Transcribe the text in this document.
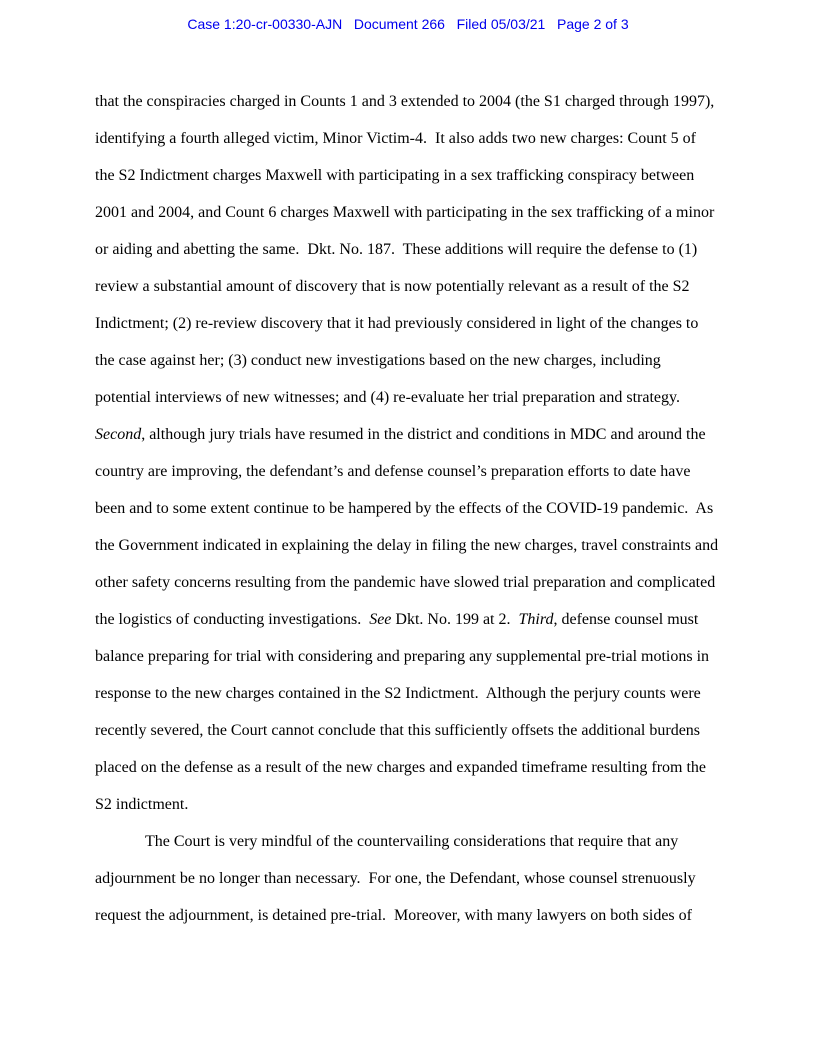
Case 1:20-cr-00330-AJN   Document 266   Filed 05/03/21   Page 2 of 3
that the conspiracies charged in Counts 1 and 3 extended to 2004 (the S1 charged through 1997),
identifying a fourth alleged victim, Minor Victim-4.  It also adds two new charges: Count 5 of
the S2 Indictment charges Maxwell with participating in a sex trafficking conspiracy between
2001 and 2004, and Count 6 charges Maxwell with participating in the sex trafficking of a minor
or aiding and abetting the same.  Dkt. No. 187.  These additions will require the defense to (1)
review a substantial amount of discovery that is now potentially relevant as a result of the S2
Indictment; (2) re-review discovery that it had previously considered in light of the changes to
the case against her; (3) conduct new investigations based on the new charges, including
potential interviews of new witnesses; and (4) re-evaluate her trial preparation and strategy.
Second, although jury trials have resumed in the district and conditions in MDC and around the
country are improving, the defendant’s and defense counsel’s preparation efforts to date have
been and to some extent continue to be hampered by the effects of the COVID-19 pandemic.  As
the Government indicated in explaining the delay in filing the new charges, travel constraints and
other safety concerns resulting from the pandemic have slowed trial preparation and complicated
the logistics of conducting investigations.  See Dkt. No. 199 at 2.  Third, defense counsel must
balance preparing for trial with considering and preparing any supplemental pre-trial motions in
response to the new charges contained in the S2 Indictment.  Although the perjury counts were
recently severed, the Court cannot conclude that this sufficiently offsets the additional burdens
placed on the defense as a result of the new charges and expanded timeframe resulting from the
S2 indictment.
The Court is very mindful of the countervailing considerations that require that any
adjournment be no longer than necessary.  For one, the Defendant, whose counsel strenuously
request the adjournment, is detained pre-trial.  Moreover, with many lawyers on both sides of
